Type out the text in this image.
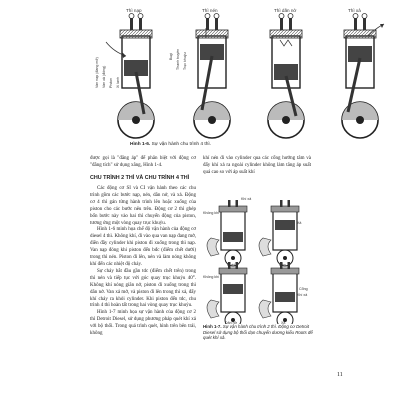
Thì nạp	Thì nén	Thì dãn nở	Thì xả
Van nạp (đang mở) Van xả (đóng) Piston Xi lanh
Bugi Thanh truyền Trục khuỷu
Hình 1-6. Sự vận hành chu trình 4 thì.
được gọi là "đẳng áp" để phân biệt với động cơ "đẳng tích" sử dụng xăng, Hình 1-4.
CHU TRÌNH 2 THÌ VÀ CHU TRÌNH 4 THÌ

Các động cơ SI và CI vận hành theo các chu trình gồm các bước nạp, nén, dãn nở, và xả. Động cơ 4 thì gán từng hành trình lên hoặc xuống của piston cho các bước nêu trên. Động cơ 2 thì ghép bốn bước này vào hai thì chuyển động của piston, tương ứng một vòng quay trục khuỷu.

Hình 1-6 minh họa chế độ vận hành của động cơ diesel 4 thì. Không khí, đi vào qua van nạp đang mở, điền đầy cylinder khi piston đi xuống trong thì nạp. Van nạp đóng khi piston đến bđc (điểm chết dưới) trong thì nén. Piston đi lên, nén và làm nóng không khí đến các nhiệt độ cháy.

Sự cháy bắt đầu gần tdc (điểm chết trên) trong thì nén và tiếp tục với góc quay trục khuỷu 40°. Không khí nóng giãn nở, piston đi xuống trong thì dãn nở. Van xả mở, và piston đi lên trong thì xả, đẩy khí cháy ra khỏi cylinder. Khi piston đến tdc, chu trình 4 thì hoàn tất trong hai vòng quay trục khuỷu.

Hình 1-7 minh họa sự vận hành của động cơ 2 thì Detroit Diesel, sử dụng phương pháp quét khí xả với bộ thổi. Trong quá trình quét, hình trên bên trái, không

khí nén đi vào cylinder qua các cổng hướng tâm và đẩy khí xả ra ngoài cylinder không làm tăng áp suất quá cao so với áp suất khí
Quét	Nén
Dãn nở	Xả
Không khí
Khí xả
Xả
Không khí
Cổng
Khí xả
Hình 1-7. Sự vận hành chu trình 2 thì. Động cơ Detroit Diesel sử dụng bộ thổi dạn chuyển dương kiểu Roots để quét khí xả.
11
